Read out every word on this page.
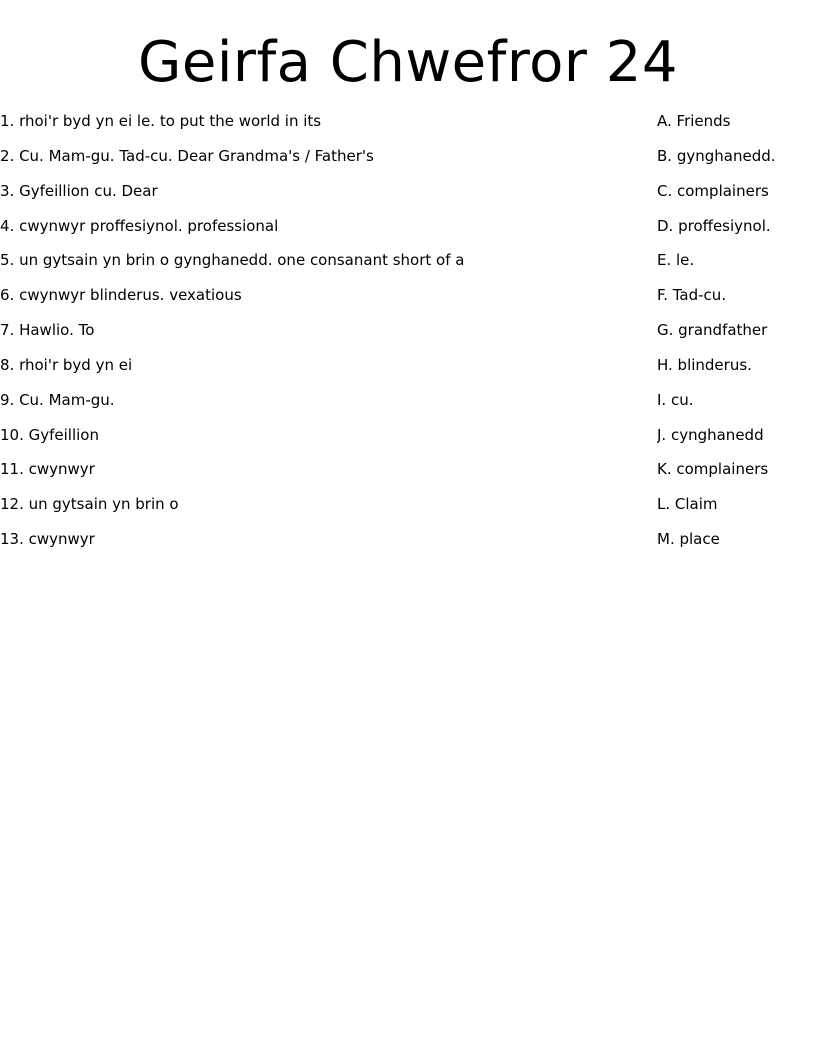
Geirfa Chwefror 24
1. rhoi'r byd yn ei le. to put the world in its
2. Cu. Mam-gu. Tad-cu. Dear Grandma's / Father's
3. Gyfeillion cu. Dear
4. cwynwyr proffesiynol. professional
5. un gytsain yn brin o gynghanedd. one consanant short of a
6. cwynwyr blinderus. vexatious
7. Hawlio. To
8. rhoi'r byd yn ei
9. Cu. Mam-gu.
10. Gyfeillion
11. cwynwyr
12. un gytsain yn brin o
13. cwynwyr
A. Friends
B. gynghanedd.
C. complainers
D. proffesiynol.
E. le.
F. Tad-cu.
G. grandfather
H. blinderus.
I. cu.
J. cynghanedd
K. complainers
L. Claim
M. place
